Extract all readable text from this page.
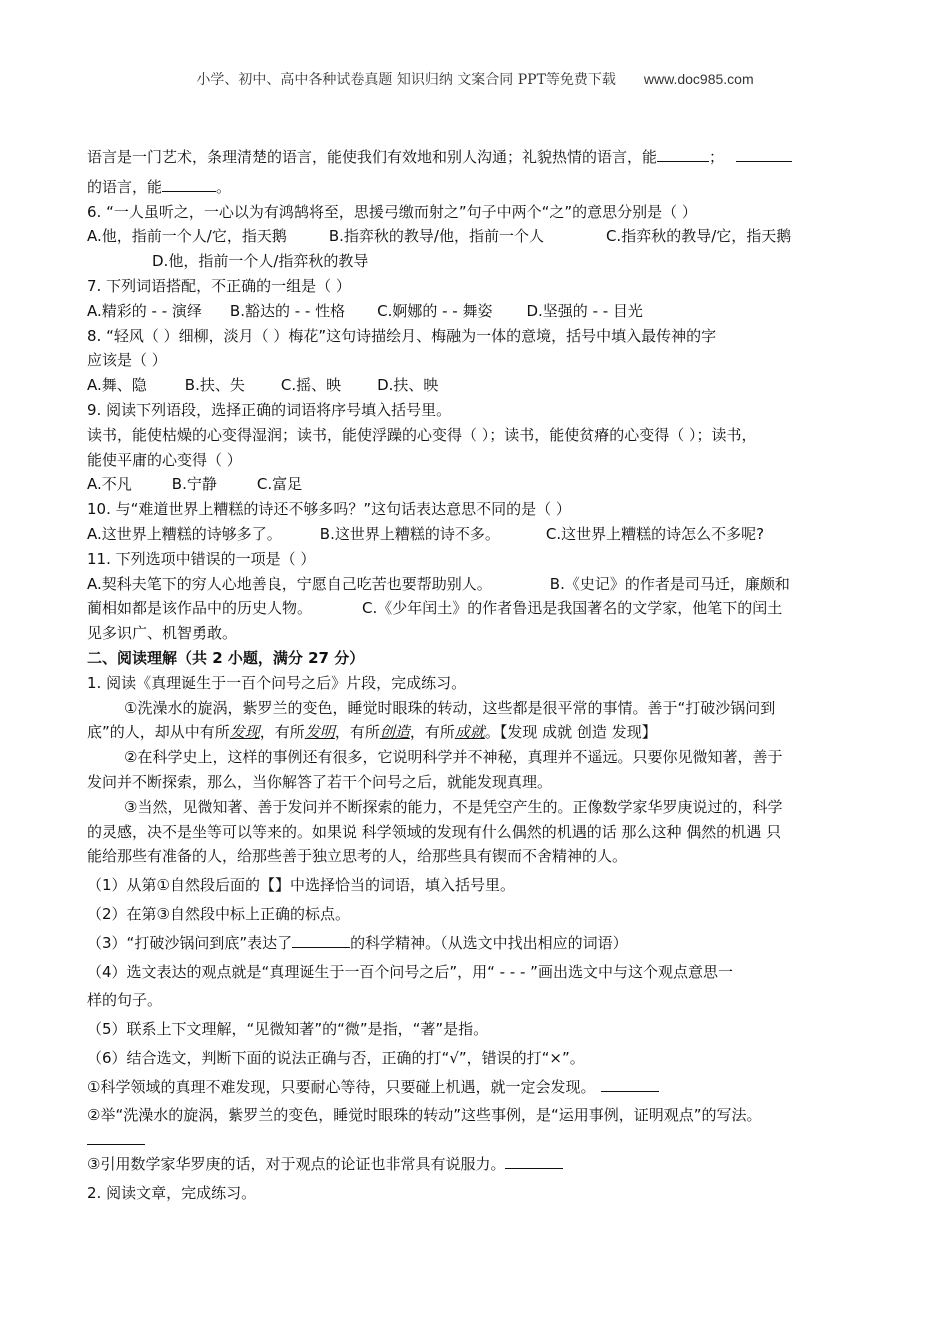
小学、初中、高中各种试卷真题 知识归纳 文案合同 PPT等免费下载 www.doc985.com
语言是一门艺术，条理清楚的语言，能使我们有效地和别人沟通；礼貌热情的语言，能	；
的语言，能	。
6. “一人虽听之，一心以为有鸿鹄将至，思援弓缴而射之”句子中两个“之”的意思分别是（ ）
A.他，指前一个人/它，指天鹅	B.指弈秋的教导/他，指前一个人	C.指弈秋的教导/它，指天鹅
D.他，指前一个人/指弈秋的教导
7. 下列词语搭配，不正确的一组是（ ）
A.精彩的 - - 演绎 B.豁达的 - - 性格 C.婀娜的 - - 舞姿 D.坚强的 - - 目光
8. “轻风（ ）细柳，淡月（ ）梅花”这句诗描绘月、梅融为一体的意境，括号中填入最传神的字
应该是（ ）
A.舞、隐	B.扶、失 C.摇、映 D.扶、映
9. 阅读下列语段，选择正确的词语将序号填入括号里。
读书，能使枯燥的心变得湿润；读书，能使浮躁的心变得（ ）；读书，能使贫瘠的心变得（ ）；读书，
能使平庸的心变得（ ）
A.不凡	B.宁静	C.富足
10. 与“难道世界上糟糕的诗还不够多吗？”这句话表达意思不同的是（ ）
A.这世界上糟糕的诗够多了。	B.这世界上糟糕的诗不多。	C.这世界上糟糕的诗怎么不多呢?
11. 下列选项中错误的一项是（ ）
A.契科夫笔下的穷人心地善良，宁愿自己吃苦也要帮助别人。	B.《史记》的作者是司马迁，廉颇和
蔺相如都是该作品中的历史人物。	C.《少年闰土》的作者鲁迅是我国著名的文学家，他笔下的闰土
见多识广、机智勇敢。
二、阅读理解（共 2 小题，满分 27 分）
1. 阅读《真理诞生于一百个问号之后》片段，完成练习。
①洗澡水的旋涡，紫罗兰的变色，睡觉时眼珠的转动，这些都是很平常的事情。善于“打破沙锅问到
底”的人，却从中有所发现，有所发明，有所创造，有所成就。【发现 成就 创造 发现】
②在科学史上，这样的事例还有很多，它说明科学并不神秘，真理并不遥远。只要你见微知著，善于
发问并不断探索，那么，当你解答了若干个问号之后，就能发现真理。
③当然，见微知著、善于发问并不断探索的能力，不是凭空产生的。正像数学家华罗庚说过的，科学
的灵感，决不是坐等可以等来的。如果说 科学领域的发现有什么偶然的机遇的话 那么这种 偶然的机遇 只
能给那些有准备的人，给那些善于独立思考的人，给那些具有锲而不舍精神的人。
（1）从第①自然段后面的【】中选择恰当的词语，填入括号里。
（2）在第③自然段中标上正确的标点。
（3）“打破沙锅问到底”表达了	的科学精神。（从选文中找出相应的词语）
（4）选文表达的观点就是“真理诞生于一百个问号之后”，用“ - - - ”画出选文中与这个观点意思一
样的句子。
（5）联系上下文理解，“见微知著”的“微”是指，“著”是指。
（6）结合选文，判断下面的说法正确与否，正确的打“√”，错误的打“×”。
①科学领域的真理不难发现，只要耐心等待，只要碰上机遇，就一定会发现。
②举“洗澡水的旋涡，紫罗兰的变色，睡觉时眼珠的转动”这些事例，是“运用事例，证明观点”的写法。
③引用数学家华罗庚的话，对于观点的论证也非常具有说服力。
2. 阅读文章，完成练习。
